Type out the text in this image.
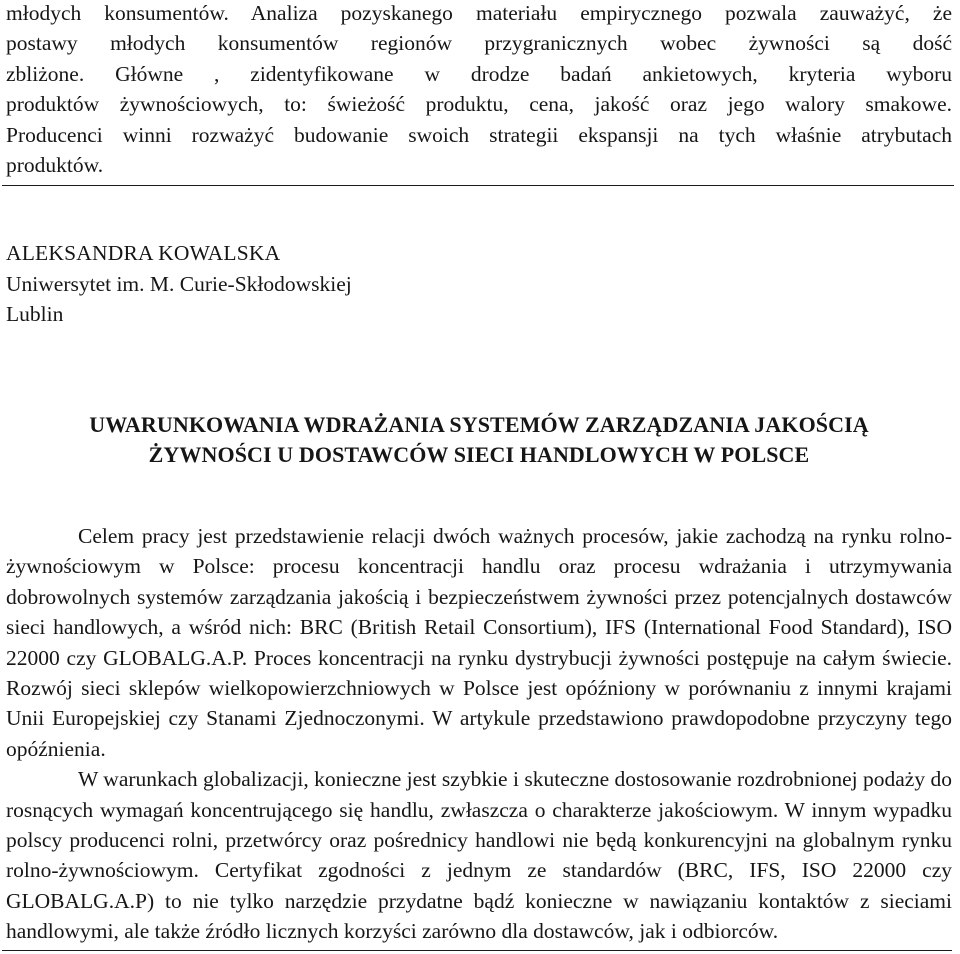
młodych konsumentów. Analiza pozyskanego materiału empirycznego pozwala zauważyć, że
postawy młodych konsumentów regionów przygranicznych wobec żywności są dość
zbliżone. Główne , zidentyfikowane w drodze badań ankietowych, kryteria wyboru
produktów żywnościowych, to: świeżość produktu, cena, jakość oraz jego walory smakowe.
Producenci winni rozważyć budowanie swoich strategii ekspansji na tych właśnie atrybutach
produktów.
ALEKSANDRA KOWALSKA
Uniwersytet im. M. Curie-Skłodowskiej
Lublin
UWARUNKOWANIA WDRAŻANIA SYSTEMÓW ZARZĄDZANIA JAKOŚCIĄ
ŻYWNOŚCI U DOSTAWCÓW SIECI HANDLOWYCH W POLSCE

Celem pracy jest przedstawienie relacji dwóch ważnych procesów, jakie zachodzą na rynku rolno-żywnościowym w Polsce: procesu koncentracji handlu oraz procesu wdrażania i utrzymywania dobrowolnych systemów zarządzania jakością i bezpieczeństwem żywności przez potencjalnych dostawców sieci handlowych, a wśród nich: BRC (British Retail Consortium), IFS (International Food Standard), ISO 22000 czy GLOBALG.A.P. Proces koncentracji na rynku dystrybucji żywności postępuje na całym świecie. Rozwój sieci sklepów wielkopowierzchniowych w Polsce jest opóźniony w porównaniu z innymi krajami Unii Europejskiej czy Stanami Zjednoczonymi. W artykule przedstawiono prawdopodobne przyczyny tego opóźnienia.

W warunkach globalizacji, konieczne jest szybkie i skuteczne dostosowanie rozdrobnionej podaży do rosnących wymagań koncentrującego się handlu, zwłaszcza o charakterze jakościowym. W innym wypadku polscy producenci rolni, przetwórcy oraz pośrednicy handlowi nie będą konkurencyjni na globalnym rynku rolno-żywnościowym. Certyfikat zgodności z jednym ze standardów (BRC, IFS, ISO 22000 czy GLOBALG.A.P) to nie tylko narzędzie przydatne bądź konieczne w nawiązaniu kontaktów z sieciami handlowymi, ale także źródło licznych korzyści zarówno dla dostawców, jak i odbiorców.
